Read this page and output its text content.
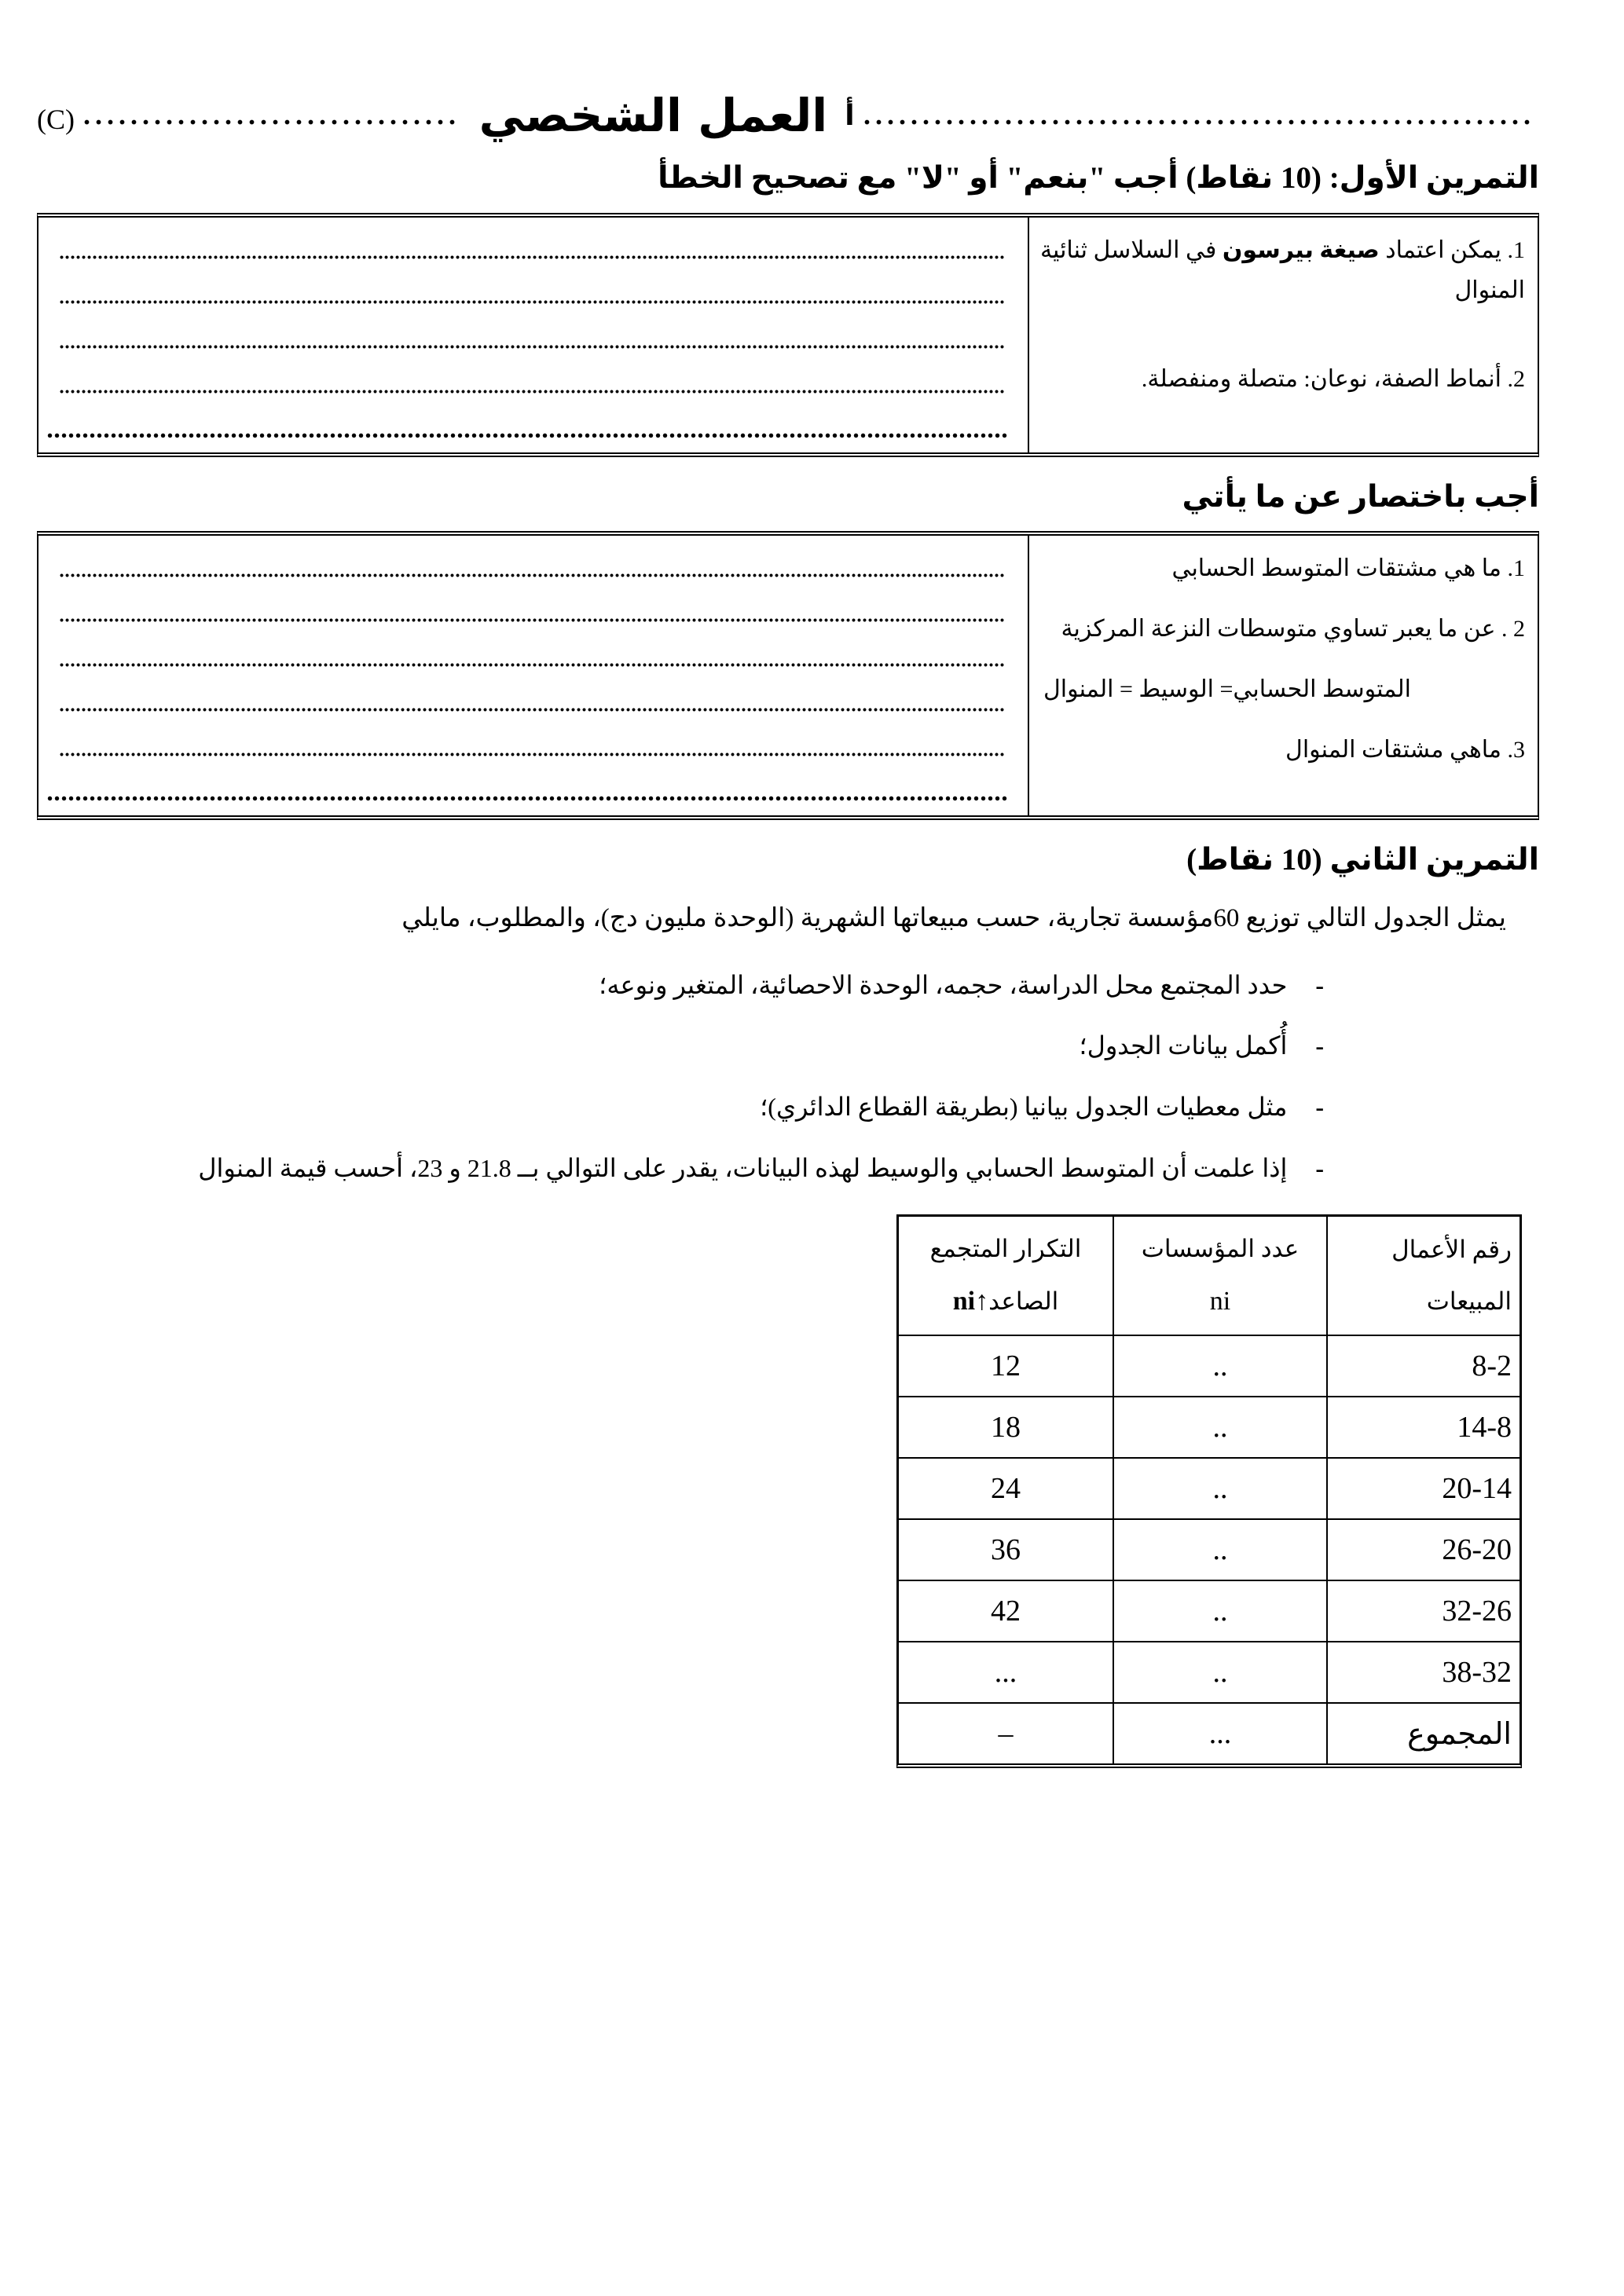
(C)	العمل الشخصي أ
التمرين الأول: (10 نقاط) أجب "بنعم" أو "لا" مع تصحيح الخطأ

1. يمكن اعتماد صيغة بيرسون في السلاسل ثنائية المنوال

2. أنماط الصفة، نوعان: متصلة ومنفصلة.

أجب باختصار عن ما يأتي

1. ما هي مشتقات المتوسط الحسابي

2 . عن ما يعبر تساوي متوسطات النزعة المركزية

المتوسط الحسابي= الوسيط = المنوال

3. ماهي مشتقات المنوال

التمرين الثاني (10 نقاط)

يمثل الجدول التالي توزيع 60مؤسسة تجارية، حسب مبيعاتها الشهرية (الوحدة مليون دج)، والمطلوب، مايلي

-
حدد المجتمع محل الدراسة، حجمه، الوحدة الاحصائية، المتغير ونوعه؛
-
أُكمل بيانات الجدول؛
-
مثل معطيات الجدول بيانيا (بطريقة القطاع الدائري)؛
-
إذا علمت أن المتوسط الحسابي والوسيط لهذه البيانات، يقدر على التوالي بــ 21.8 و 23، أحسب قيمة المنوال
رقم الأعمال
المبيعات

عدد المؤسسات
ni

التكرار المتجمع
الصاعدni↑

8-2	..	12
14-8	..	18
20-14	..	24
26-20	..	36
32-26	..	42
38-32	..	...
المجموع	...	–
